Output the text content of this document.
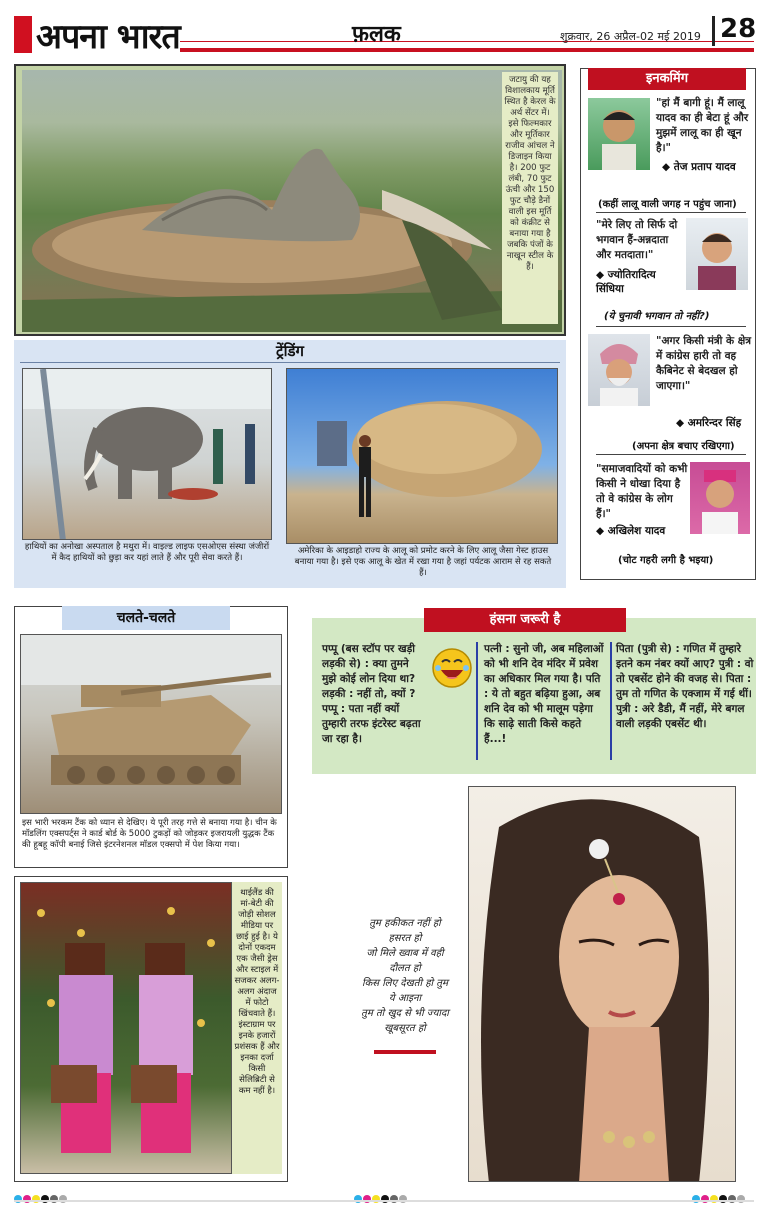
अपना भारत	फ़लक	शुक्रवार, 26 अप्रैल-02 मई 2019 28
जटायु की यह विशालकाय मूर्ति स्थित है केरल के अर्थ सेंटर में। इसे फिल्मकार और मूर्तिकार राजीव आंचल ने डिजाइन किया है। 200 फुट लंबी, 70 फुट ऊंची और 150 फुट चौड़े डैनों वाली इस मूर्ति को कंक्रीट से बनाया गया है जबकि पंजों के नाखून स्टील के हैं।
ट्रेंडिंग
हाथियों का अनोखा अस्पताल है मथुरा में। वाइल्ड लाइफ एसओएस संस्था जंजीरों में कैद हाथियों को छुड़ा कर यहां लाते हैं और पूरी सेवा करते हैं।
अमेरिका के आइडाहो राज्य के आलू को प्रमोट करने के लिए आलू जैसा गेस्ट हाउस बनाया गया है। इसे एक आलू के खेत में रखा गया है जहां पर्यटक आराम से रह सकते हैं।
इनकमिंग
"हां मैं बागी हूं। मैं लालू यादव का ही बेटा हूं और मुझमें लालू का ही खून है।"
◆ तेज प्रताप यादव
(कहीं लालू वाली जगह न पहुंच जाना)
"मेरे लिए तो सिर्फ दो भगवान हैं-अन्नदाता और मतदाता।"
◆ ज्योतिरादित्य सिंधिया
(ये चुनावी भगवान तो नहीं?)
"अगर किसी मंत्री के क्षेत्र में कांग्रेस हारी तो वह कैबिनेट से बेदखल हो जाएगा।"
◆ अमरिन्दर सिंह
(अपना क्षेत्र बचाए रखिएगा)
"समाजवादियों को कभी किसी ने धोखा दिया है तो वे कांग्रेस के लोग हैं।"
◆ अखिलेश यादव
(चोट गहरी लगी है भइया)
चलते-चलते
इस भारी भरकम टैंक को ध्यान से देखिए। ये पूरी तरह गत्ते से बनाया गया है। चीन के मॉडलिंग एक्सपर्ट्स ने कार्ड बोर्ड के 5000 टुकड़ों को जोड़कर इजरायली युद्धक टैंक की हूबहू कॉपी बनाई जिसे इंटरनेशनल मॉडल एक्सपो में पेश किया गया।
हंसना जरूरी है
पप्पू (बस स्टॉप पर खड़ी लड़की से) : क्या तुमने मुझे कोई लोन दिया था? लड़की : नहीं तो, क्यों ? पप्पू : पता नहीं क्यों तुम्हारी तरफ इंटरेस्ट बढ़ता जा रहा है।
पत्नी : सुनो जी, अब महिलाओं को भी शनि देव मंदिर में प्रवेश का अधिकार मिल गया है। पति : ये तो बहुत बढ़िया हुआ, अब शनि देव को भी मालूम पड़ेगा कि साढ़े साती किसे कहते हैं...!
पिता (पुत्री से) : गणित में तुम्हारे इतने कम नंबर क्यों आए? पुत्री : वो तो एबसेंट होने की वजह से। पिता : तुम तो गणित के एक्जाम में गई थीं। पुत्री : अरे डैडी, मैं नहीं, मेरे बगल वाली लड़की एबसेंट थी।
थाईलैंड की मां-बेटी की जोड़ी सोशल मीडिया पर छाई हुई है। ये दोनों एकदम एक जैसी ड्रेस और स्टाइल में सजकर अलग-अलग अंदाज में फोटो खिंचवाते हैं। इंस्टाग्राम पर इनके हजारों प्रशंसक हैं और इनका दर्जा किसी सेलिब्रिटी से कम नहीं है।
तुम हकीकत नहीं हो
हसरत हो
जो मिले ख्वाब में वही
दौलत हो
किस लिए देखती हो तुम
ये आइना
तुम तो खुद से भी ज्यादा
खूबसूरत हो
